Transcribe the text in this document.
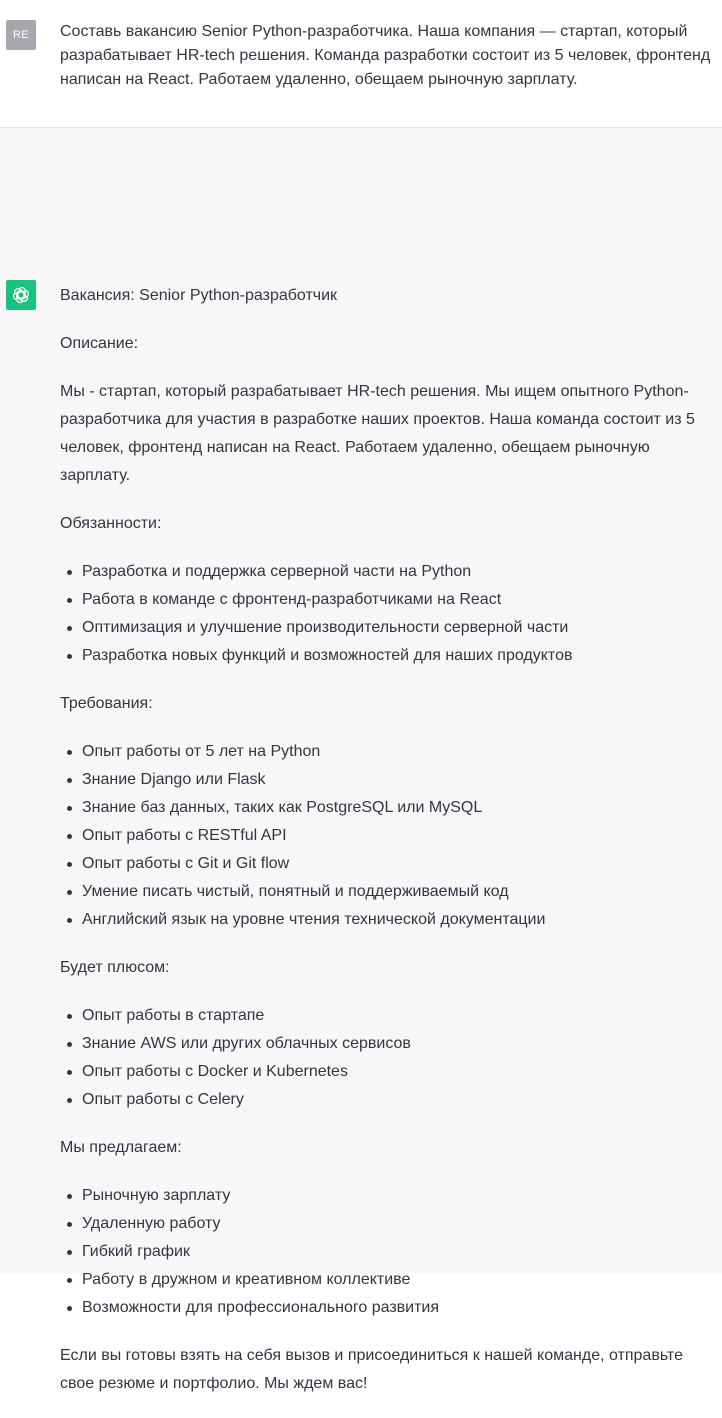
RE Составь вакансию Senior Python-разработчика. Наша компания — стартап, который разрабатывает HR-tech решения. Команда разработки состоит из 5 человек, фронтенд написан на React. Работаем удаленно, обещаем рыночную зарплату.

Вакансия: Senior Python-разработчик

Описание:

Мы - стартап, который разрабатывает HR-tech решения. Мы ищем опытного Python-разработчика для участия в разработке наших проектов. Наша команда состоит из 5 человек, фронтенд написан на React. Работаем удаленно, обещаем рыночную зарплату.

Обязанности:

Разработка и поддержка серверной части на Python
Работа в команде с фронтенд-разработчиками на React
Оптимизация и улучшение производительности серверной части
Разработка новых функций и возможностей для наших продуктов

Требования:

Опыт работы от 5 лет на Python
Знание Django или Flask
Знание баз данных, таких как PostgreSQL или MySQL
Опыт работы с RESTful API
Опыт работы с Git и Git flow
Умение писать чистый, понятный и поддерживаемый код
Английский язык на уровне чтения технической документации

Будет плюсом:

Опыт работы в стартапе
Знание AWS или других облачных сервисов
Опыт работы с Docker и Kubernetes
Опыт работы с Celery

Мы предлагаем:

Рыночную зарплату
Удаленную работу
Гибкий график
Работу в дружном и креативном коллективе
Возможности для профессионального развития

Если вы готовы взять на себя вызов и присоединиться к нашей команде, отправьте свое резюме и портфолио. Мы ждем вас!
